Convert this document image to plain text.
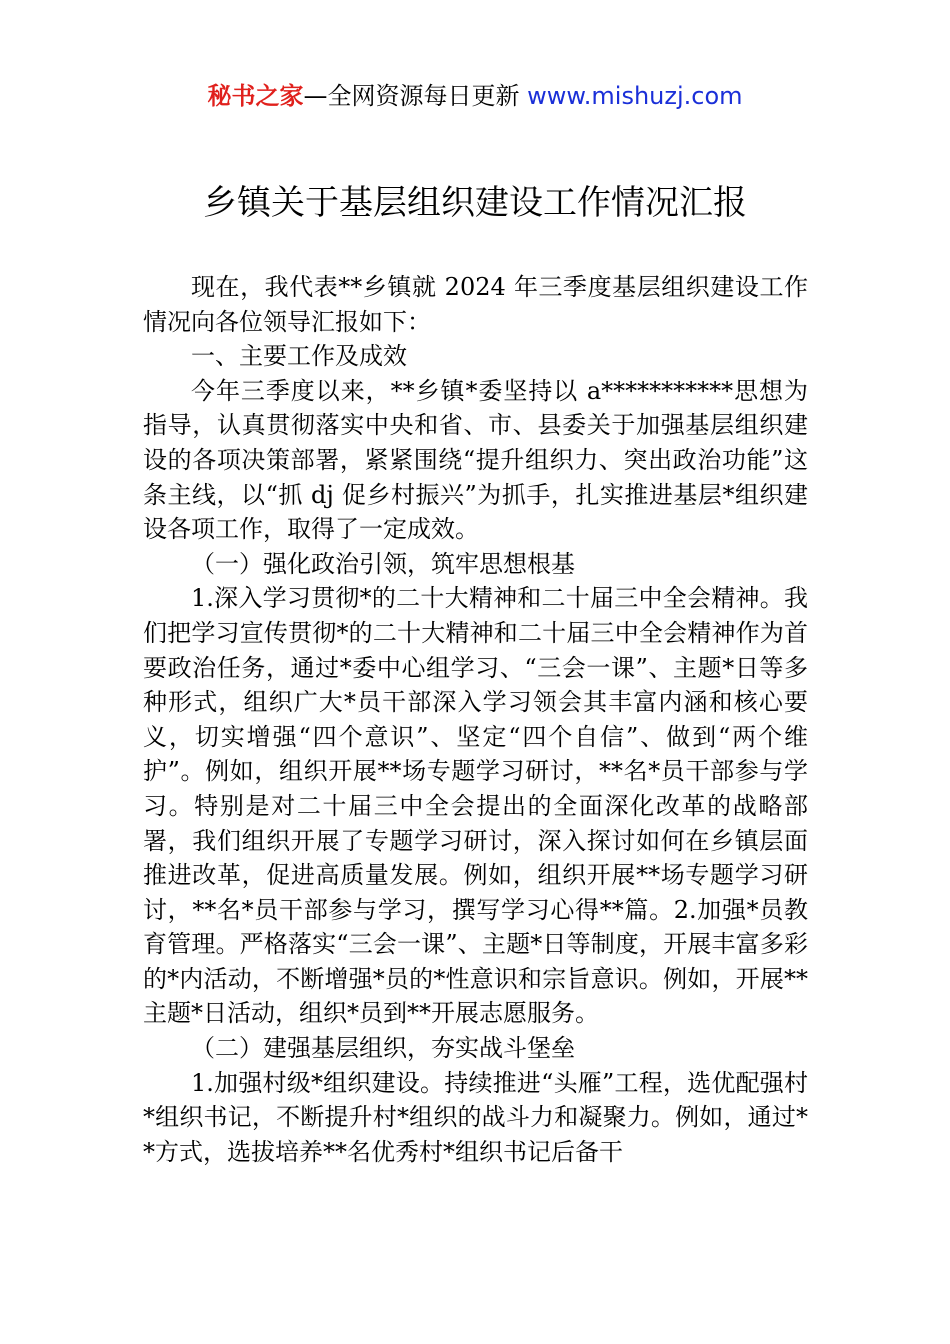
秘书之家—全网资源每日更新 www.mishuzj.com
乡镇关于基层组织建设工作情况汇报

现在，我代表**乡镇就 2024 年三季度基层组织建设工作情况向各位领导汇报如下：

一、主要工作及成效

今年三季度以来，**乡镇*委坚持以 a***********思想为指导，认真贯彻落实中央和省、市、县委关于加强基层组织建设的各项决策部署，紧紧围绕“提升组织力、突出政治功能”这条主线，以“抓 dj 促乡村振兴”为抓手，扎实推进基层*组织建设各项工作，取得了一定成效。

（一）强化政治引领，筑牢思想根基

1.深入学习贯彻*的二十大精神和二十届三中全会精神。我们把学习宣传贯彻*的二十大精神和二十届三中全会精神作为首要政治任务，通过*委中心组学习、“三会一课”、主题*日等多种形式，组织广大*员干部深入学习领会其丰富内涵和核心要义，切实增强“四个意识”、坚定“四个自信”、做到“两个维护”。例如，组织开展**场专题学习研讨，**名*员干部参与学习。特别是对二十届三中全会提出的全面深化改革的战略部署，我们组织开展了专题学习研讨，深入探讨如何在乡镇层面推进改革，促进高质量发展。例如，组织开展**场专题学习研讨，**名*员干部参与学习，撰写学习心得**篇。2.加强*员教育管理。严格落实“三会一课”、主题*日等制度，开展丰富多彩的*内活动，不断增强*员的*性意识和宗旨意识。例如，开展**主题*日活动，组织*员到**开展志愿服务。

（二）建强基层组织，夯实战斗堡垒

1.加强村级*组织建设。持续推进“头雁”工程，选优配强村*组织书记，不断提升村*组织的战斗力和凝聚力。例如，通过**方式，选拔培养**名优秀村*组织书记后备干
